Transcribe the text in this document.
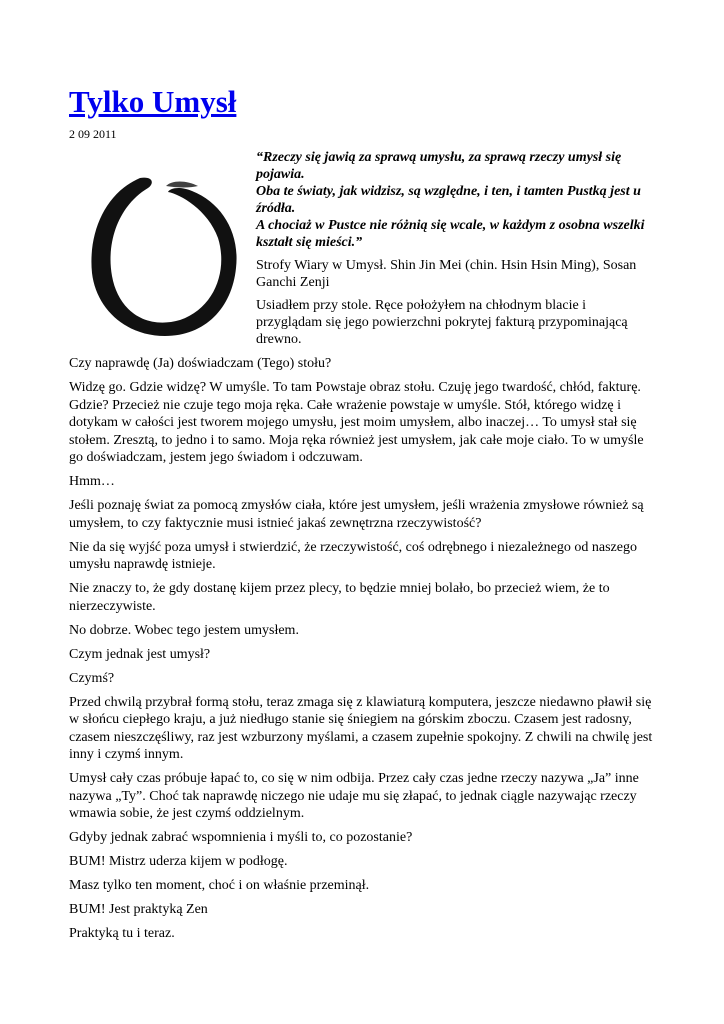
Tylko Umysł
2 09 2011
“Rzeczy się jawią za sprawą umysłu, za sprawą rzeczy umysł się pojawia.
Oba te światy, jak widzisz, są względne, i ten, i tamten Pustką jest u źródła.
A chociaż w Pustce nie różnią się wcale, w każdym z osobna wszelki kształt się mieści.”

Strofy Wiary w Umysł. Shin Jin Mei (chin. Hsin Hsin Ming), Sosan Ganchi Zenji

Usiadłem przy stole. Ręce położyłem na chłodnym blacie i przyglądam się jego powierzchni pokrytej fakturą przypominającą drewno.

Czy naprawdę (Ja) doświadczam (Tego) stołu?

Widzę go. Gdzie widzę? W umyśle. To tam Powstaje obraz stołu. Czuję jego twardość, chłód, fakturę. Gdzie? Przecież nie czuje tego moja ręka. Całe wrażenie powstaje w umyśle. Stół, którego widzę i dotykam w całości jest tworem mojego umysłu, jest moim umysłem, albo inaczej… To umysł stał się stołem. Zresztą, to jedno i to samo. Moja ręka również jest umysłem, jak całe moje ciało. To w umyśle go doświadczam, jestem jego świadom i odczuwam.

Hmm…

Jeśli poznaję świat za pomocą zmysłów ciała, które jest umysłem, jeśli wrażenia zmysłowe również są umysłem, to czy faktycznie musi istnieć jakaś zewnętrzna rzeczywistość?

Nie da się wyjść poza umysł i stwierdzić, że rzeczywistość, coś odrębnego i niezależnego od naszego umysłu naprawdę istnieje.

Nie znaczy to, że gdy dostanę kijem przez plecy, to będzie mniej bolało, bo przecież wiem, że to nierzeczywiste.

No dobrze. Wobec tego jestem umysłem.

Czym jednak jest umysł?

Czymś?

Przed chwilą przybrał formą stołu, teraz zmaga się z klawiaturą komputera, jeszcze niedawno pławił się w słońcu ciepłego kraju, a już niedługo stanie się śniegiem na górskim zboczu. Czasem jest radosny, czasem nieszczęśliwy, raz jest wzburzony myślami, a czasem zupełnie spokojny. Z chwili na chwilę jest inny i czymś innym.

Umysł cały czas próbuje łapać to, co się w nim odbija. Przez cały czas jedne rzeczy nazywa „Ja” inne nazywa „Ty”. Choć tak naprawdę niczego nie udaje mu się złapać, to jednak ciągle nazywając rzeczy wmawia sobie, że jest czymś oddzielnym.

Gdyby jednak zabrać wspomnienia i myśli to, co pozostanie?

BUM! Mistrz uderza kijem w podłogę.

Masz tylko ten moment, choć i on właśnie przeminął.

BUM! Jest praktyką Zen

Praktyką tu i teraz.
